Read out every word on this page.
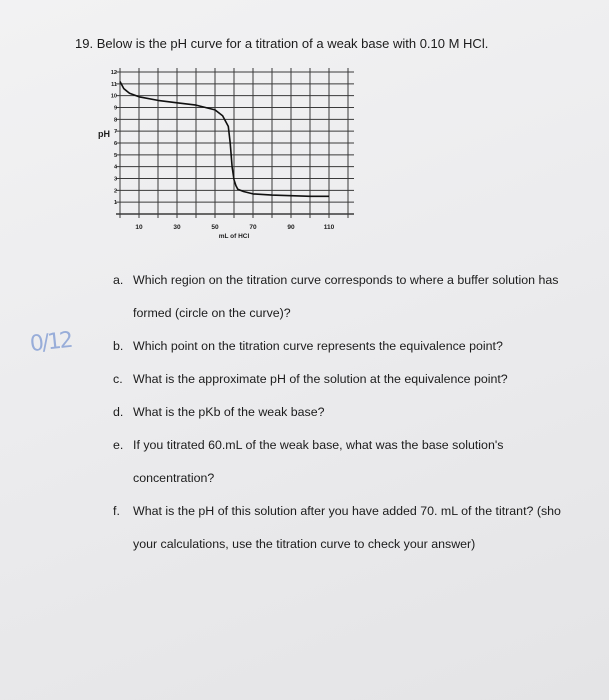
19. Below is the pH curve for a titration of a weak base with 0.10 M HCl.
1
2
3
4
5
6
7
8
9
10
11
12
10	30	50	70	90	110
mL of HCl
pH
0/12
a. Which region on the titration curve corresponds to where a buffer solution has
formed (circle on the curve)?
b. Which point on the titration curve represents the equivalence point?
c. What is the approximate pH of the solution at the equivalence point?
d. What is the pKb of the weak base?
e. If you titrated 60.mL of the weak base, what was the base solution's
concentration?
f. What is the pH of this solution after you have added 70. mL of the titrant? (sho
your calculations, use the titration curve to check your answer)
